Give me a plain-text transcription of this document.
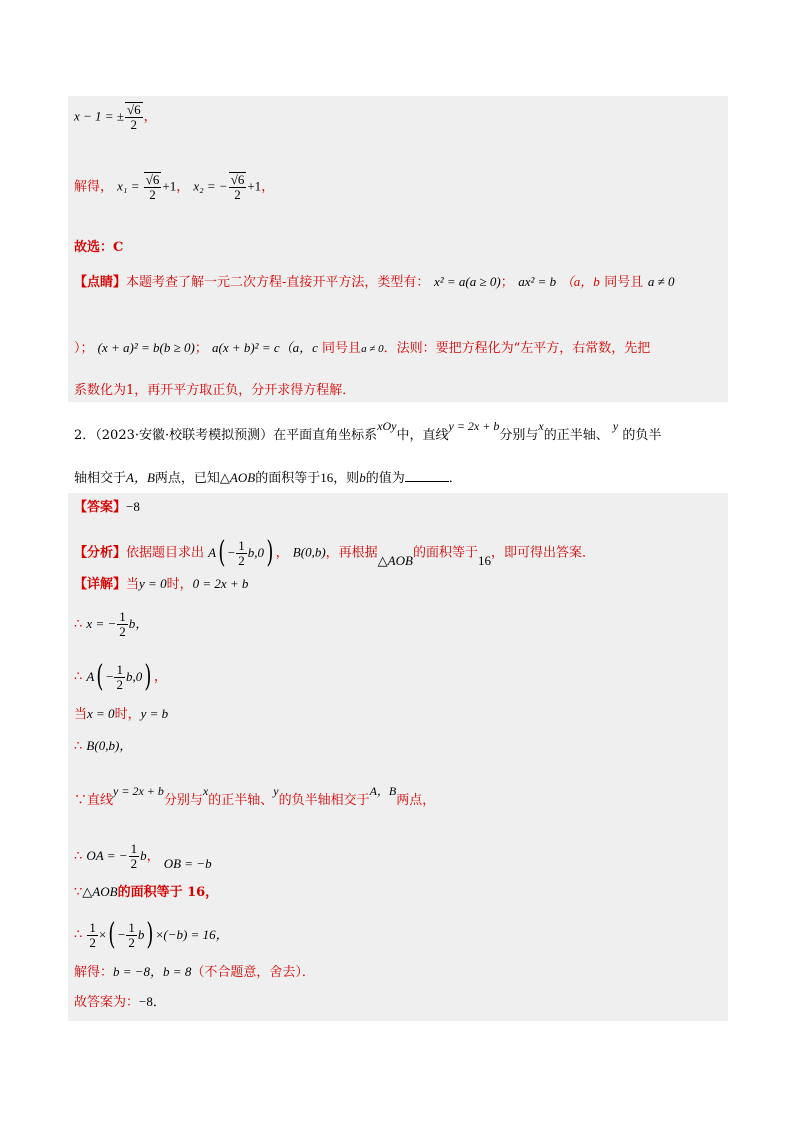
x − 1 = ± $\frac{√6}{2}$ ，
解得， $x_1 = \frac{√6}{2} +1$， x₂ = − $\frac{√6}{2} +1$，
故选：C
【点睛】本题考查了解一元二次方程-直接开平方法，类型有： x² = a(a ≥ 0)； ax² = b （a，b 同号且 a ≠ 0
）； (x + a)² = b(b ≥ 0)； a(x + b)² = c（a，c 同号且a ≠ 0．法则：要把方程化为“左平方，右常数，先把
系数化为1，再开平方取正负，分开求得方程解．
2．（2023·安徽·校联考模拟预测）在平面直角坐标系xOy中，直线y = 2x + b分别与x的正半轴、 y 的负半
轴相交于A，B两点，已知△AOB的面积等于16，则b的值为	．
【答案】−8
【分析】依据题目求出 $A( - \frac{1}{2} b,0)$ ， B(0,b)，再根据△AOB的面积等于16，即可得出答案．
【详解】当y = 0时，0 = 2x + b
∴ x = − $\frac{1}{2}$ b，
∴ $A( - \frac{1}{2} b,0)$ ，
当x = 0时，y = b
∴ B(0,b)，
∵直线y = 2x + b分别与x的正半轴、y的负半轴相交于A，B两点，
∴ OA = − $\frac{1}{2}$ b， OB = −b
∵△AOB的面积等于 16，
∴ $\frac{1}{2}$ ×( − $\frac{1}{2} b) \times(-b) = 16$，
解得：b = −8，b = 8（不合题意，舍去）．
故答案为：−8．
